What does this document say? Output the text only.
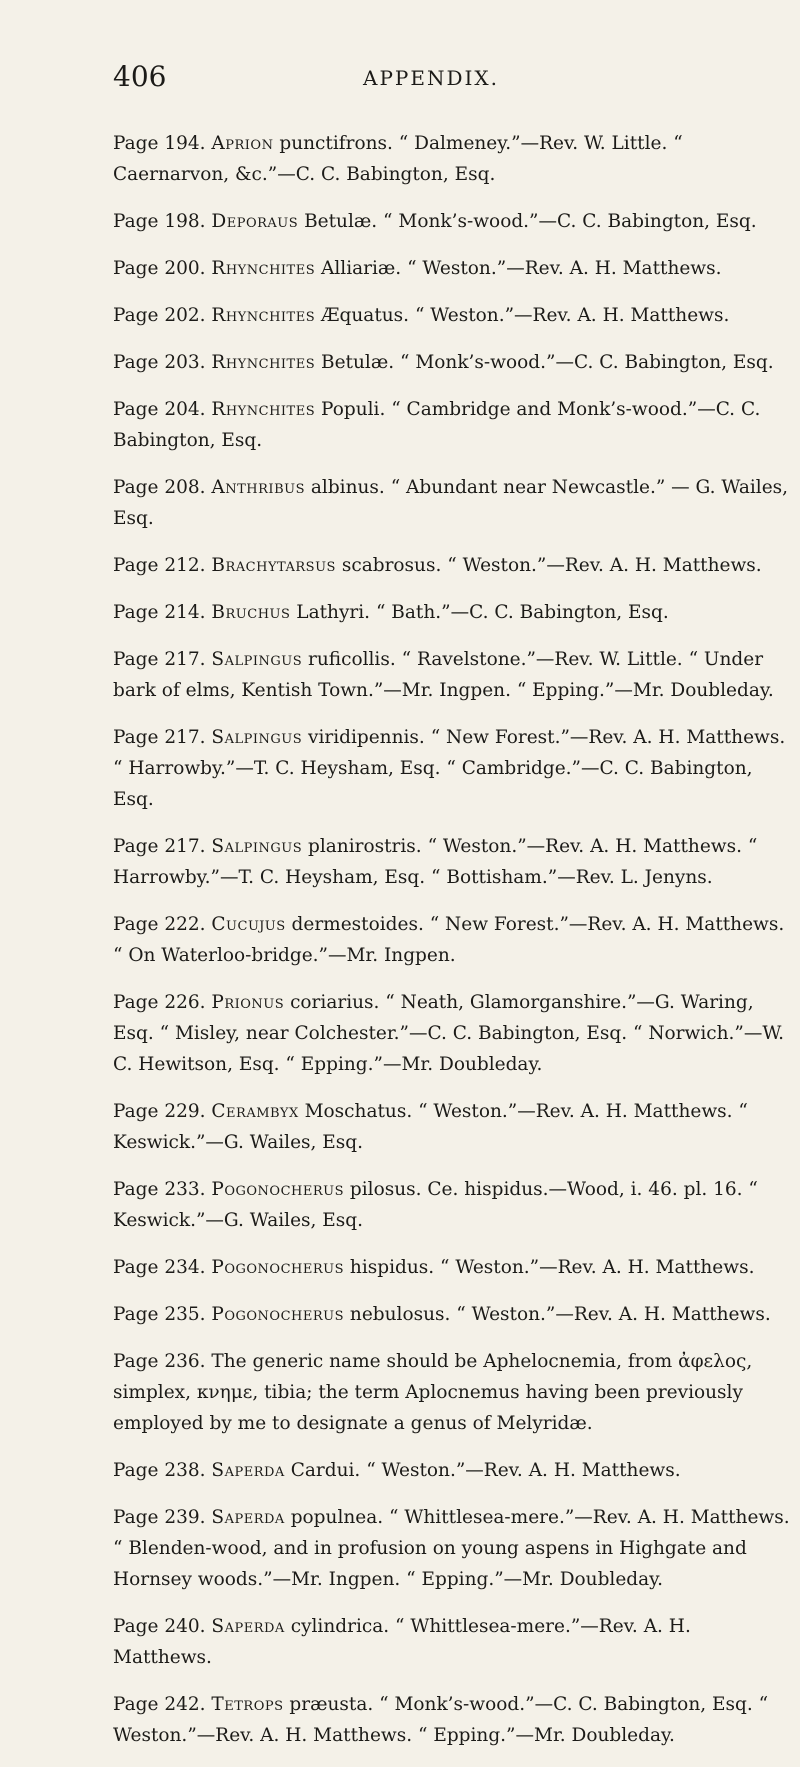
406	APPENDIX.

Page 194. Aprion punctifrons. “ Dalmeney.”—Rev. W. Little. “ Caernarvon, &c.”—C. C. Babington, Esq.

Page 198. Deporaus Betulæ. “ Monk’s-wood.”—C. C. Babington, Esq.

Page 200. Rhynchites Alliariæ. “ Weston.”—Rev. A. H. Matthews.

Page 202. Rhynchites Æquatus. “ Weston.”—Rev. A. H. Matthews.

Page 203. Rhynchites Betulæ. “ Monk’s-wood.”—C. C. Babington, Esq.

Page 204. Rhynchites Populi. “ Cambridge and Monk’s-wood.”—C. C. Babington, Esq.

Page 208. Anthribus albinus. “ Abundant near Newcastle.” — G. Wailes, Esq.

Page 212. Brachytarsus scabrosus. “ Weston.”—Rev. A. H. Matthews.

Page 214. Bruchus Lathyri. “ Bath.”—C. C. Babington, Esq.

Page 217. Salpingus ruficollis. “ Ravelstone.”—Rev. W. Little. “ Under bark of elms, Kentish Town.”—Mr. Ingpen. “ Epping.”—Mr. Doubleday.

Page 217. Salpingus viridipennis. “ New Forest.”—Rev. A. H. Matthews. “ Harrowby.”—T. C. Heysham, Esq. “ Cambridge.”—C. C. Babington, Esq.

Page 217. Salpingus planirostris. “ Weston.”—Rev. A. H. Matthews. “ Harrowby.”—T. C. Heysham, Esq. “ Bottisham.”—Rev. L. Jenyns.

Page 222. Cucujus dermestoides. “ New Forest.”—Rev. A. H. Matthews. “ On Waterloo-bridge.”—Mr. Ingpen.

Page 226. Prionus coriarius. “ Neath, Glamorganshire.”—G. Waring, Esq. “ Misley, near Colchester.”—C. C. Babington, Esq. “ Norwich.”—W. C. Hewitson, Esq. “ Epping.”—Mr. Doubleday.

Page 229. Cerambyx Moschatus. “ Weston.”—Rev. A. H. Matthews. “ Keswick.”—G. Wailes, Esq.

Page 233. Pogonocherus pilosus. Ce. hispidus.—Wood, i. 46. pl. 16. “ Keswick.”—G. Wailes, Esq.

Page 234. Pogonocherus hispidus. “ Weston.”—Rev. A. H. Matthews.

Page 235. Pogonocherus nebulosus. “ Weston.”—Rev. A. H. Matthews.

Page 236. The generic name should be Aphelocnemia, from ἀφελος, simplex, κνημε, tibia; the term Aplocnemus having been previously employed by me to designate a genus of Melyridæ.

Page 238. Saperda Cardui. “ Weston.”—Rev. A. H. Matthews.

Page 239. Saperda populnea. “ Whittlesea-mere.”—Rev. A. H. Matthews. “ Blenden-wood, and in profusion on young aspens in Highgate and Hornsey woods.”—Mr. Ingpen. “ Epping.”—Mr. Doubleday.

Page 240. Saperda cylindrica. “ Whittlesea-mere.”—Rev. A. H. Matthews.

Page 242. Tetrops præusta. “ Monk’s-wood.”—C. C. Babington, Esq. “ Weston.”—Rev. A. H. Matthews. “ Epping.”—Mr. Doubleday.
